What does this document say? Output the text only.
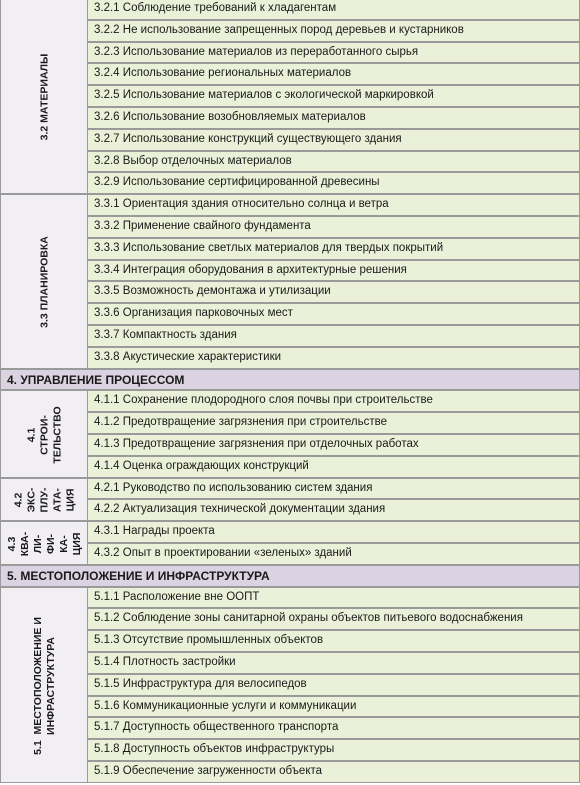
3.2 МАТЕРИАЛЫ
3.2.1 Соблюдение требований к хладагентам
3.2.2 Не использование запрещенных пород деревьев и кустарников
3.2.3 Использование материалов из переработанного сырья
3.2.4 Использование региональных материалов
3.2.5 Использование материалов с экологической маркировкой
3.2.6 Использование возобновляемых материалов
3.2.7 Использование конструкций существующего здания
3.2.8 Выбор отделочных материалов
3.2.9 Использование сертифицированной древесины
3.3 ПЛАНИРОВКА
3.3.1 Ориентация здания относительно солнца и ветра
3.3.2 Применение свайного фундамента
3.3.3 Использование светлых материалов для твердых покрытий
3.3.4 Интеграция оборудования в архитектурные решения
3.3.5 Возможность демонтажа и утилизации
3.3.6 Организация парковочных мест
3.3.7 Компактность здания
3.3.8 Акустические характеристики
4. УПРАВЛЕНИЕ ПРОЦЕССОМ
4.1
СТРОИ-
ТЕЛЬСТВО
4.1.1 Сохранение плодородного слоя почвы при строительстве
4.1.2 Предотвращение загрязнения при строительстве
4.1.3 Предотвращение загрязнения при отделочных работах
4.1.4 Оценка ограждающих конструкций
4.2
ЭКС-
ПЛУ-
АТА-
ЦИЯ
4.2.1 Руководство по использованию систем здания
4.2.2 Актуализация технической документации здания
4.3
КВА-
ЛИ-
ФИ-
КА-
ЦИЯ
4.3.1 Награды проекта
4.3.2 Опыт в проектировании «зеленых» зданий
5. МЕСТОПОЛОЖЕНИЕ И ИНФРАСТРУКТУРА
5.1  МЕСТОПОЛОЖЕНИЕ И
ИНФРАСТРУКТУРА
5.1.1 Расположение вне ООПТ
5.1.2 Соблюдение зоны санитарной охраны объектов питьевого водоснабжения
5.1.3 Отсутствие промышленных объектов
5.1.4 Плотность застройки
5.1.5 Инфраструктура для велосипедов
5.1.6 Коммуникационные услуги и коммуникации
5.1.7 Доступность общественного транспорта
5.1.8 Доступность объектов инфраструктуры
5.1.9 Обеспечение загруженности объекта
